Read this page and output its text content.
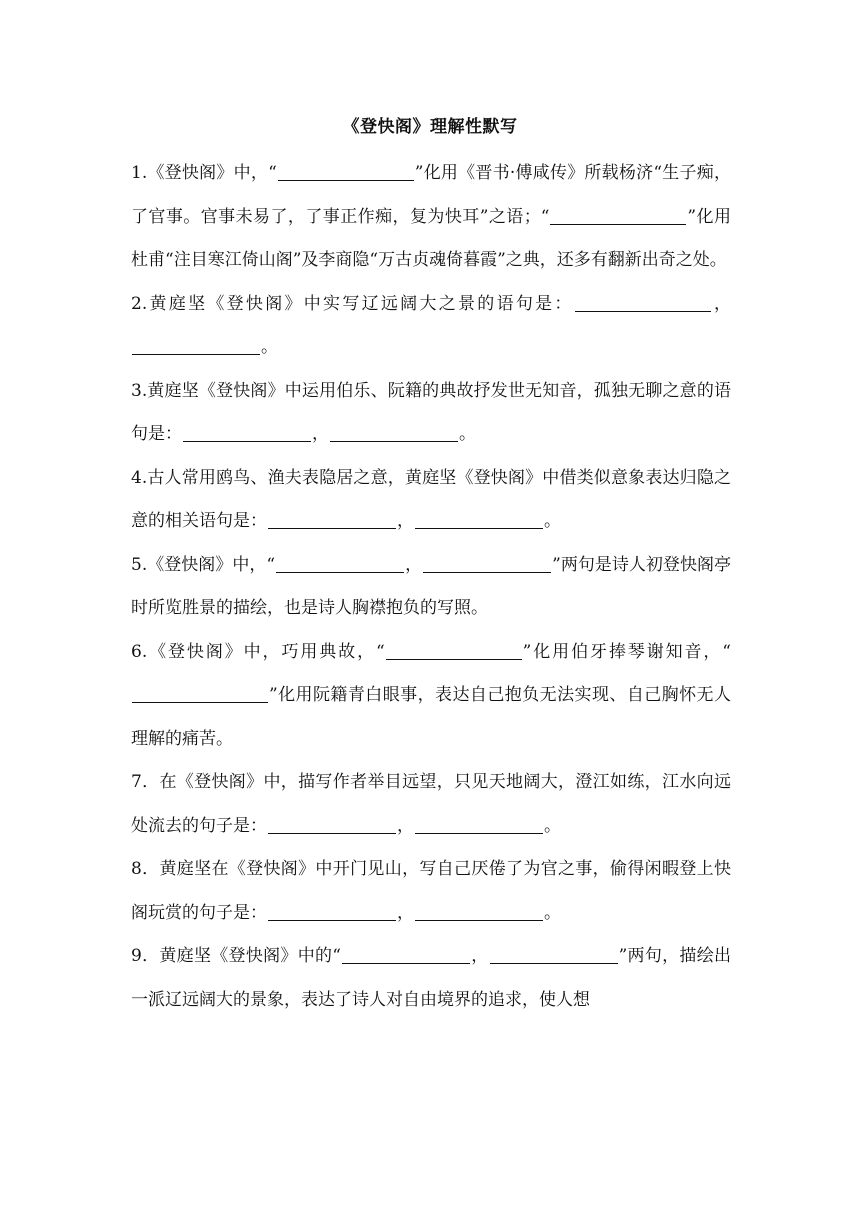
《登快阁》理解性默写

1.《登快阁》中，“	”化用《晋书·傅咸传》所载杨济“生子痴，了官事。官事未易了，了事正作痴，复为快耳”之语；“	”化用杜甫“注目寒江倚山阁”及李商隐“万古贞魂倚暮霞”之典，还多有翻新出奇之处。

2.黄庭坚《登快阁》中实写辽远阔大之景的语句是：	，。

3.黄庭坚《登快阁》中运用伯乐、阮籍的典故抒发世无知音，孤独无聊之意的语句是：	，	。

4.古人常用鸥鸟、渔夫表隐居之意，黄庭坚《登快阁》中借类似意象表达归隐之意的相关语句是：	，	。

5.《登快阁》中，“	，	”两句是诗人初登快阁亭时所览胜景的描绘，也是诗人胸襟抱负的写照。

6.《登快阁》中，巧用典故，“	”化用伯牙捧琴谢知音，“”化用阮籍青白眼事，表达自己抱负无法实现、自己胸怀无人理解的痛苦。

7．在《登快阁》中，描写作者举目远望，只见天地阔大，澄江如练，江水向远处流去的句子是：	，	。

8．黄庭坚在《登快阁》中开门见山，写自己厌倦了为官之事，偷得闲暇登上快阁玩赏的句子是：	，	。

9．黄庭坚《登快阁》中的“	，	”两句，描绘出一派辽远阔大的景象，表达了诗人对自由境界的追求，使人想
